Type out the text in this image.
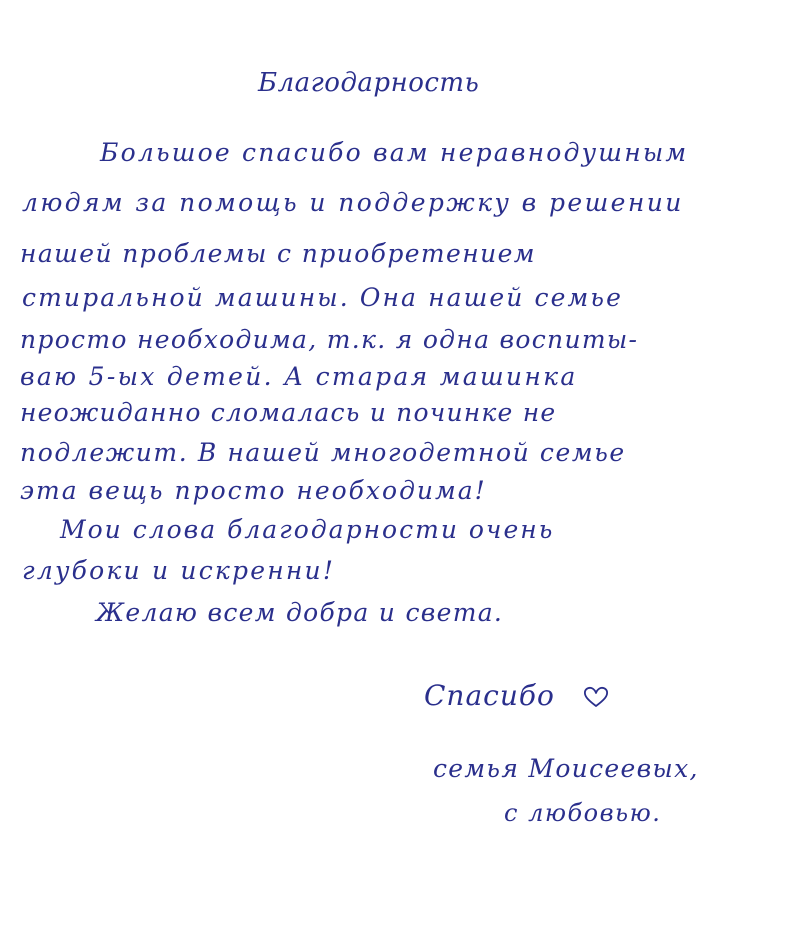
Благодарность
Большое спасибо вам неравнодушным
людям за помощь и поддержку в решении
нашей проблемы с приобретением
стиральной машины. Она нашей семье
просто необходима, т.к. я одна воспиты-
ваю 5-ых детей. А старая машинка
неожиданно сломалась и починке не
подлежит. В нашей многодетной семье
эта вещь просто необходима!
Мои слова благодарности очень
глубоки и искренни!
Желаю всем добра и света.
Спасибо
семья Моисеевых,
с любовью.
